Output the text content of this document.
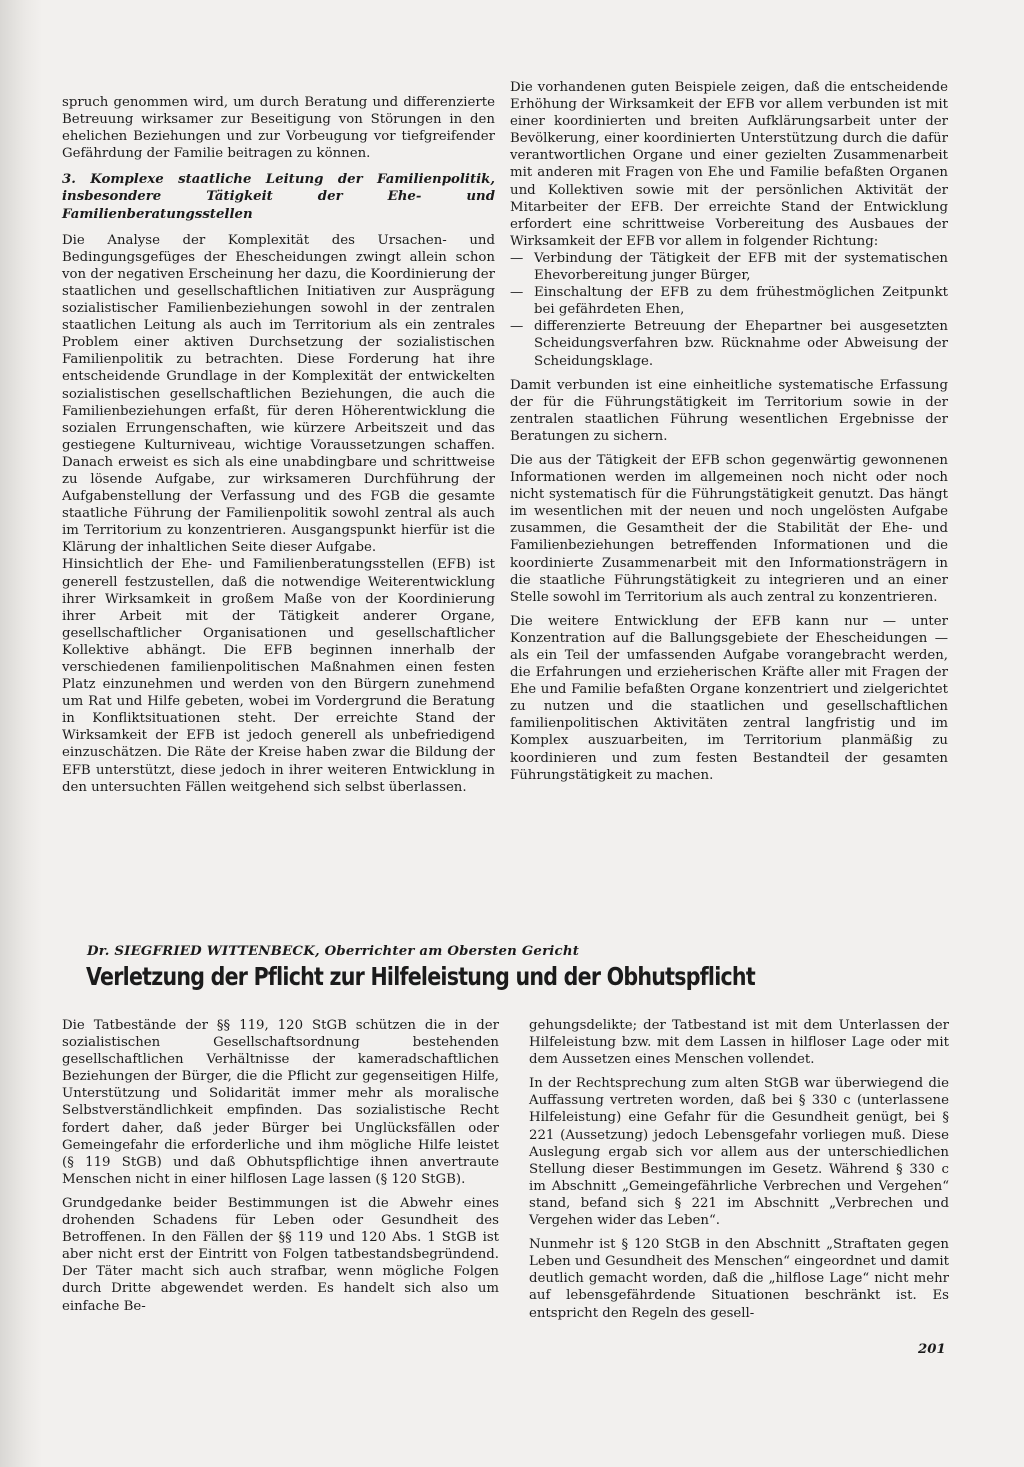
spruch genommen wird, um durch Beratung und differenzierte Betreuung wirksamer zur Beseitigung von Störungen in den ehelichen Beziehungen und zur Vorbeugung vor tiefgreifender Gefährdung der Familie beitragen zu können.

3. Komplexe staatliche Leitung der Familienpolitik, insbesondere Tätigkeit der Ehe- und Familienberatungsstellen

Die Analyse der Komplexität des Ursachen- und Bedingungsgefüges der Ehescheidungen zwingt allein schon von der negativen Erscheinung her dazu, die Koordinierung der staatlichen und gesellschaftlichen Initiativen zur Ausprägung sozialistischer Familienbeziehungen sowohl in der zentralen staatlichen Leitung als auch im Territorium als ein zentrales Problem einer aktiven Durchsetzung der sozialistischen Familienpolitik zu betrachten. Diese Forderung hat ihre entscheidende Grundlage in der Komplexität der entwickelten sozialistischen gesellschaftlichen Beziehungen, die auch die Familienbeziehungen erfaßt, für deren Höherentwicklung die sozialen Errungenschaften, wie kürzere Arbeitszeit und das gestiegene Kulturniveau, wichtige Voraussetzungen schaffen. Danach erweist es sich als eine unabdingbare und schrittweise zu lösende Aufgabe, zur wirksameren Durchführung der Aufgabenstellung der Verfassung und des FGB die gesamte staatliche Führung der Familienpolitik sowohl zentral als auch im Territorium zu konzentrieren. Ausgangspunkt hierfür ist die Klärung der inhaltlichen Seite dieser Aufgabe.

Hinsichtlich der Ehe- und Familienberatungsstellen (EFB) ist generell festzustellen, daß die notwendige Weiterentwicklung ihrer Wirksamkeit in großem Maße von der Koordinierung ihrer Arbeit mit der Tätigkeit anderer Organe, gesellschaftlicher Organisationen und gesellschaftlicher Kollektive abhängt. Die EFB beginnen innerhalb der verschiedenen familienpolitischen Maßnahmen einen festen Platz einzunehmen und werden von den Bürgern zunehmend um Rat und Hilfe gebeten, wobei im Vordergrund die Beratung in Konfliktsituationen steht. Der erreichte Stand der Wirksamkeit der EFB ist jedoch generell als unbefriedigend einzuschätzen. Die Räte der Kreise haben zwar die Bildung der EFB unterstützt, diese jedoch in ihrer weiteren Entwicklung in den untersuchten Fällen weitgehend sich selbst überlassen.

Die vorhandenen guten Beispiele zeigen, daß die entscheidende Erhöhung der Wirksamkeit der EFB vor allem verbunden ist mit einer koordinierten und breiten Aufklärungsarbeit unter der Bevölkerung, einer koordinierten Unterstützung durch die dafür verantwortlichen Organe und einer gezielten Zusammenarbeit mit anderen mit Fragen von Ehe und Familie befaßten Organen und Kollektiven sowie mit der persönlichen Aktivität der Mitarbeiter der EFB. Der erreichte Stand der Entwicklung erfordert eine schrittweise Vorbereitung des Ausbaues der Wirksamkeit der EFB vor allem in folgender Richtung:

— Verbindung der Tätigkeit der EFB mit der systematischen Ehevorbereitung junger Bürger,
— Einschaltung der EFB zu dem frühestmöglichen Zeitpunkt bei gefährdeten Ehen,
— differenzierte Betreuung der Ehepartner bei ausgesetzten Scheidungsverfahren bzw. Rücknahme oder Abweisung der Scheidungsklage.

Damit verbunden ist eine einheitliche systematische Erfassung der für die Führungstätigkeit im Territorium sowie in der zentralen staatlichen Führung wesentlichen Ergebnisse der Beratungen zu sichern.

Die aus der Tätigkeit der EFB schon gegenwärtig gewonnenen Informationen werden im allgemeinen noch nicht oder noch nicht systematisch für die Führungstätigkeit genutzt. Das hängt im wesentlichen mit der neuen und noch ungelösten Aufgabe zusammen, die Gesamtheit der die Stabilität der Ehe- und Familienbeziehungen betreffenden Informationen und die koordinierte Zusammenarbeit mit den Informationsträgern in die staatliche Führungstätigkeit zu integrieren und an einer Stelle sowohl im Territorium als auch zentral zu konzentrieren.

Die weitere Entwicklung der EFB kann nur — unter Konzentration auf die Ballungsgebiete der Ehescheidungen — als ein Teil der umfassenden Aufgabe vorangebracht werden, die Erfahrungen und erzieherischen Kräfte aller mit Fragen der Ehe und Familie befaßten Organe konzentriert und zielgerichtet zu nutzen und die staatlichen und gesellschaftlichen familienpolitischen Aktivitäten zentral langfristig und im Komplex auszuarbeiten, im Territorium planmäßig zu koordinieren und zum festen Bestandteil der gesamten Führungstätigkeit zu machen.

Dr. SIEGFRIED WITTENBECK, Oberrichter am Obersten Gericht
Verletzung der Pflicht zur Hilfeleistung und der Obhutspflicht

Die Tatbestände der §§ 119, 120 StGB schützen die in der sozialistischen Gesellschaftsordnung bestehenden gesellschaftlichen Verhältnisse der kameradschaftlichen Beziehungen der Bürger, die die Pflicht zur gegenseitigen Hilfe, Unterstützung und Solidarität immer mehr als moralische Selbstverständlichkeit empfinden. Das sozialistische Recht fordert daher, daß jeder Bürger bei Unglücksfällen oder Gemeingefahr die erforderliche und ihm mögliche Hilfe leistet (§ 119 StGB) und daß Obhutspflichtige ihnen anvertraute Menschen nicht in einer hilflosen Lage lassen (§ 120 StGB).

Grundgedanke beider Bestimmungen ist die Abwehr eines drohenden Schadens für Leben oder Gesundheit des Betroffenen. In den Fällen der §§ 119 und 120 Abs. 1 StGB ist aber nicht erst der Eintritt von Folgen tatbestandsbegründend. Der Täter macht sich auch strafbar, wenn mögliche Folgen durch Dritte abgewendet werden. Es handelt sich also um einfache Be-

gehungsdelikte; der Tatbestand ist mit dem Unterlassen der Hilfeleistung bzw. mit dem Lassen in hilfloser Lage oder mit dem Aussetzen eines Menschen vollendet.

In der Rechtsprechung zum alten StGB war überwiegend die Auffassung vertreten worden, daß bei § 330 c (unterlassene Hilfeleistung) eine Gefahr für die Gesundheit genügt, bei § 221 (Aussetzung) jedoch Lebensgefahr vorliegen muß. Diese Auslegung ergab sich vor allem aus der unterschiedlichen Stellung dieser Bestimmungen im Gesetz. Während § 330 c im Abschnitt „Gemeingefährliche Verbrechen und Vergehen“ stand, befand sich § 221 im Abschnitt „Verbrechen und Vergehen wider das Leben“.

Nunmehr ist § 120 StGB in den Abschnitt „Straftaten gegen Leben und Gesundheit des Menschen“ eingeordnet und damit deutlich gemacht worden, daß die „hilflose Lage“ nicht mehr auf lebensgefährdende Situationen beschränkt ist. Es entspricht den Regeln des gesell-

201
